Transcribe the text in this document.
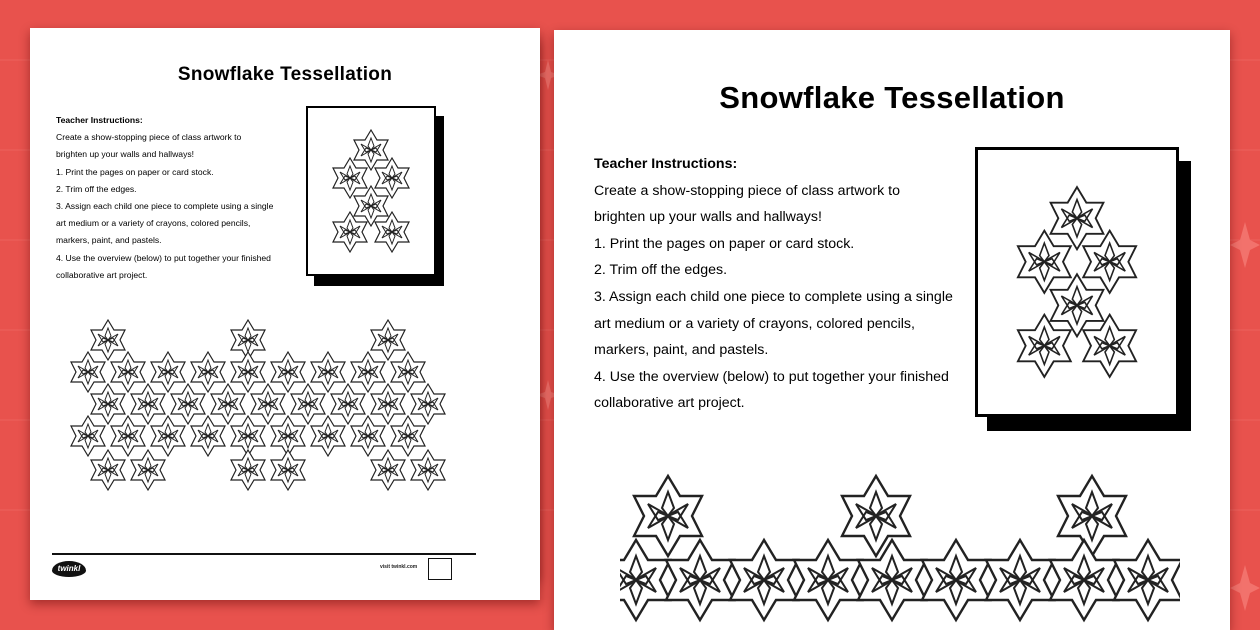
Snowflake Tessellation

Teacher Instructions:

Create a show-stopping piece of class artwork to

brighten up your walls and hallways!

1. Print the pages on paper or card stock.

2. Trim off the edges.

3. Assign each child one piece to complete using a single

art medium or a variety of crayons, colored pencils,

markers, paint, and pastels.

4. Use the overview (below) to put together your finished

collaborative art project.

twinkl	visit twinkl.com
Snowflake Tessellation

Teacher Instructions:

Create a show-stopping piece of class artwork to

brighten up your walls and hallways!

1. Print the pages on paper or card stock.

2. Trim off the edges.

3. Assign each child one piece to complete using a single

art medium or a variety of crayons, colored pencils,

markers, paint, and pastels.

4. Use the overview (below) to put together your finished

collaborative art project.
